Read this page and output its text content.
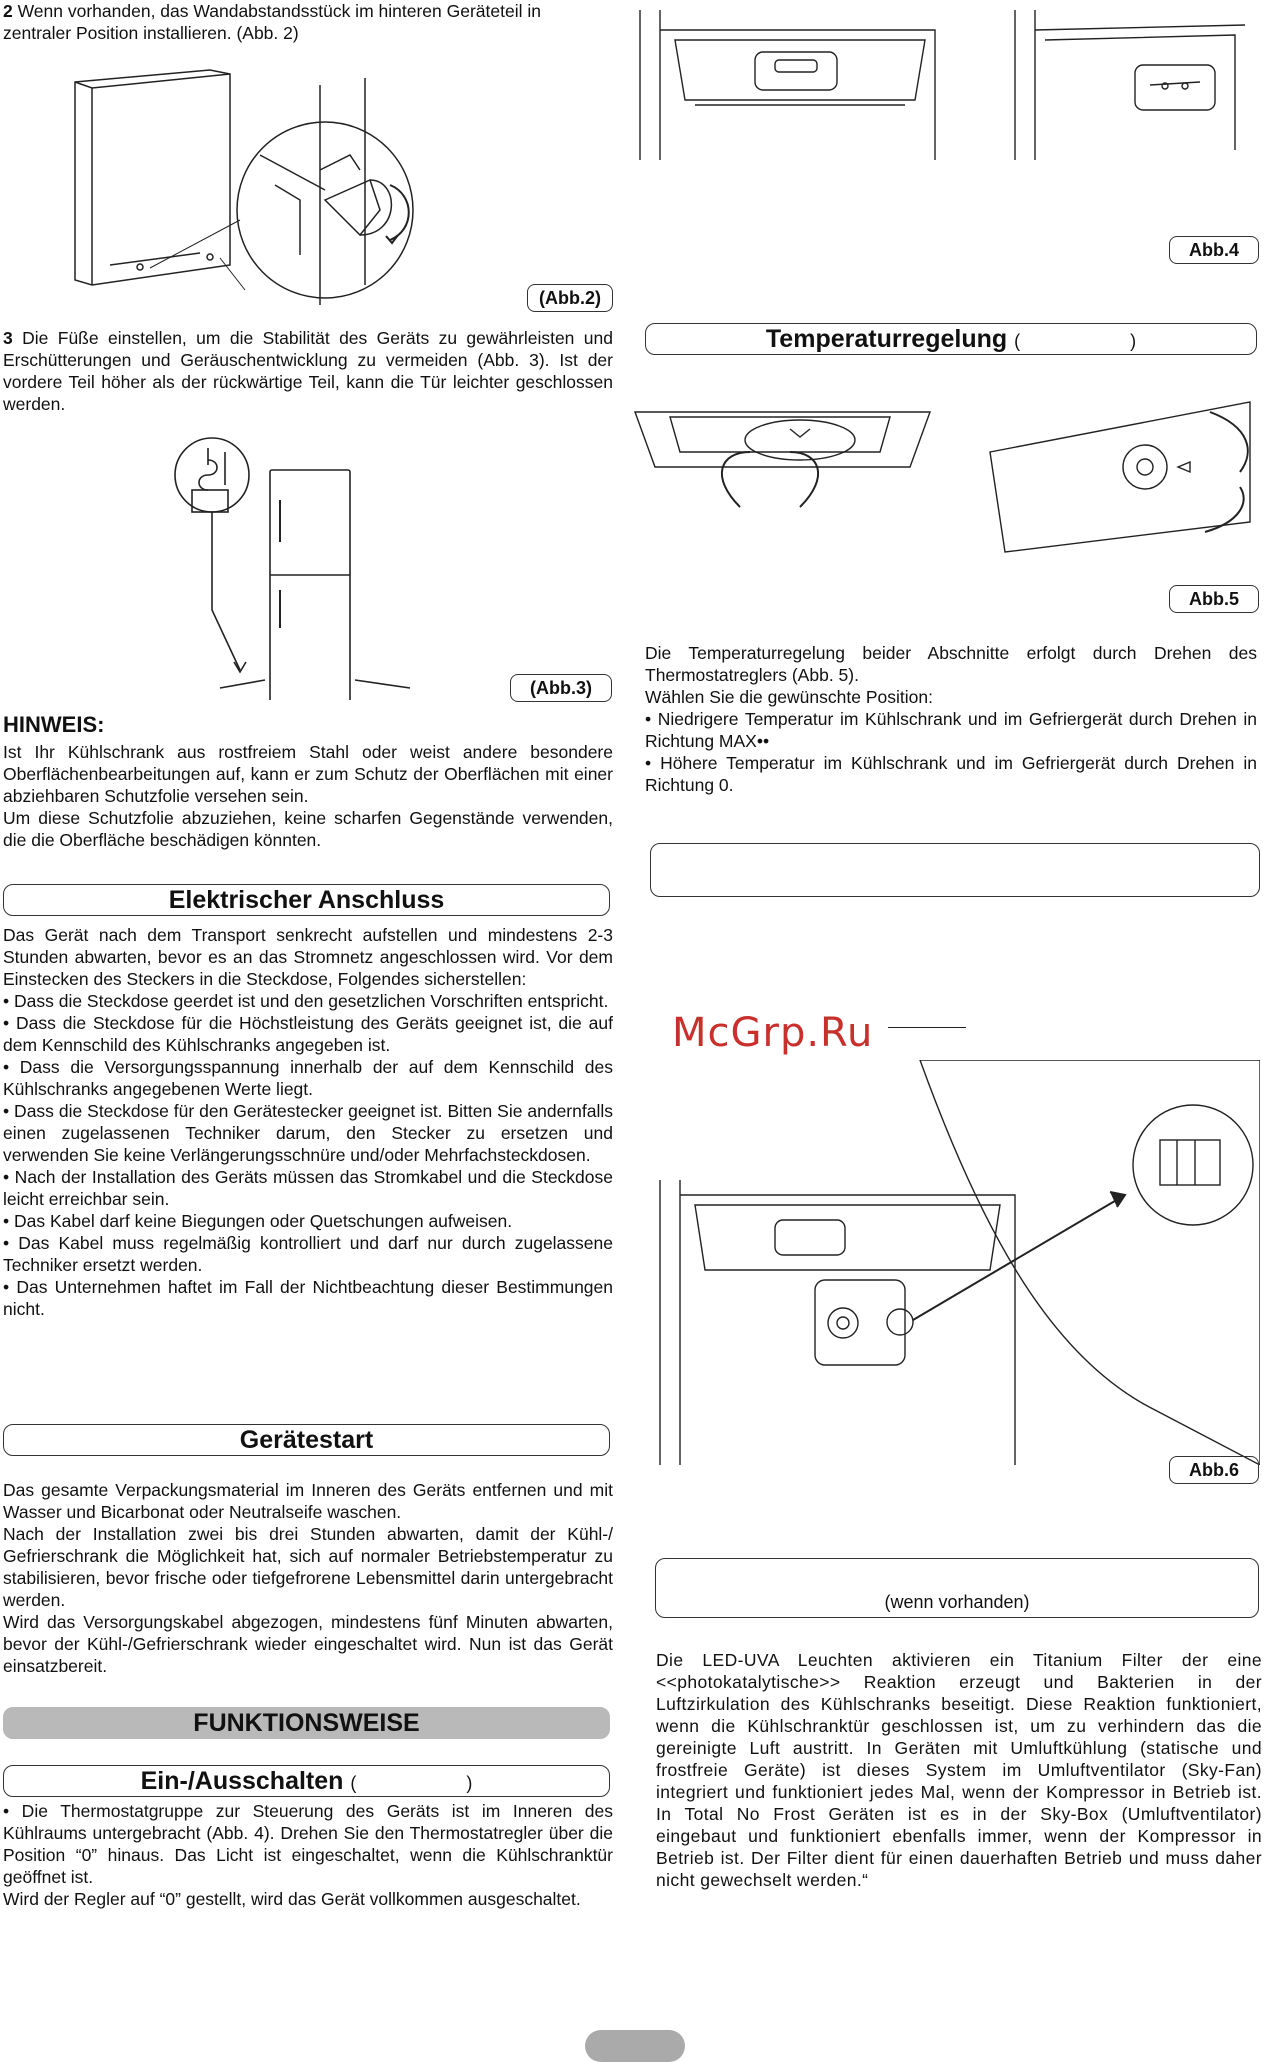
2 Wenn vorhanden, das Wandabstandsstück im hinteren Geräteteil in zentraler Position installieren. (Abb. 2)
(Abb.2)
3 Die Füße einstellen, um die Stabilität des Geräts zu gewährleisten und Erschütterungen und Geräuschentwicklung zu vermeiden (Abb. 3). Ist der vordere Teil höher als der rückwärtige Teil, kann die Tür leichter geschlossen werden.
(Abb.3)
HINWEIS:

Ist Ihr Kühlschrank aus rostfreiem Stahl oder weist andere besondere Oberflächenbearbeitungen auf, kann er zum Schutz der Oberflächen mit einer abziehbaren Schutzfolie versehen sein.

Um diese Schutzfolie abzuziehen, keine scharfen Gegenstände verwenden, die die Oberfläche beschädigen könnten.

Elektrischer Anschluss

Das Gerät nach dem Transport senkrecht aufstellen und mindestens 2-3 Stunden abwarten, bevor es an das Stromnetz angeschlossen wird. Vor dem Einstecken des Steckers in die Steckdose, Folgendes sicherstellen:

• Dass die Steckdose geerdet ist und den gesetzlichen Vorschriften entspricht.

• Dass die Steckdose für die Höchstleistung des Geräts geeignet ist, die auf dem Kennschild des Kühlschranks angegeben ist.

• Dass die Versorgungsspannung innerhalb der auf dem Kennschild des Kühlschranks angegebenen Werte liegt.

• Dass die Steckdose für den Gerätestecker geeignet ist. Bitten Sie andernfalls einen zugelassenen Techniker darum, den Stecker zu ersetzen und verwenden Sie keine Verlängerungsschnüre und/oder Mehrfachsteckdosen.

• Nach der Installation des Geräts müssen das Stromkabel und die Steckdose leicht erreichbar sein.

• Das Kabel darf keine Biegungen oder Quetschungen aufweisen.

• Das Kabel muss regelmäßig kontrolliert und darf nur durch zugelassene Techniker ersetzt werden.

• Das Unternehmen haftet im Fall der Nichtbeachtung dieser Bestimmungen nicht.

Gerätestart

Das gesamte Verpackungsmaterial im Inneren des Geräts entfernen und mit Wasser und Bicarbonat oder Neutralseife waschen.

Nach der Installation zwei bis drei Stunden abwarten, damit der Kühl-/ Gefrierschrank die Möglichkeit hat, sich auf normaler Betriebstemperatur zu stabilisieren, bevor frische oder tiefgefrorene Lebensmittel darin untergebracht werden.

Wird das Versorgungskabel abgezogen, mindestens fünf Minuten abwarten, bevor der Kühl-/Gefrierschrank wieder eingeschaltet wird. Nun ist das Gerät einsatzbereit.

FUNKTIONSWEISE
Ein-/Ausschalten (	)

• Die Thermostatgruppe zur Steuerung des Geräts ist im Inneren des Kühlraums untergebracht (Abb. 4). Drehen Sie den Thermostatregler über die Position “0” hinaus. Das Licht ist eingeschaltet, wenn die Kühlschranktür geöffnet ist.

Wird der Regler auf “0” gestellt, wird das Gerät vollkommen ausgeschaltet.

Abb.4
Temperaturregelung (	)
Abb.5

Die Temperaturregelung beider Abschnitte erfolgt durch Drehen des Thermostatreglers (Abb. 5).

Wählen Sie die gewünschte Position:

• Niedrigere Temperatur im Kühlschrank und im Gefriergerät durch Drehen in Richtung MAX••

• Höhere Temperatur im Kühlschrank und im Gefriergerät durch Drehen in Richtung 0.

Abb.6
(wenn vorhanden)
Die LED-UVA Leuchten aktivieren ein Titanium Filter der eine <<photokatalytische>> Reaktion erzeugt und Bakterien in der Luftzirkulation des Kühlschranks beseitigt. Diese Reaktion funktioniert, wenn die Kühlschranktür geschlossen ist, um zu verhindern das die gereinigte Luft austritt. In Geräten mit Umluftkühlung (statische und frostfreie Geräte) ist dieses System im Umluftventilator (Sky-Fan) integriert und funktioniert jedes Mal, wenn der Kompressor in Betrieb ist. In Total No Frost Geräten ist es in der Sky-Box (Umluftventilator) eingebaut und funktioniert ebenfalls immer, wenn der Kompressor in Betrieb ist. Der Filter dient für einen dauerhaften Betrieb und muss daher nicht gewechselt werden.“
McGrp.Ru
